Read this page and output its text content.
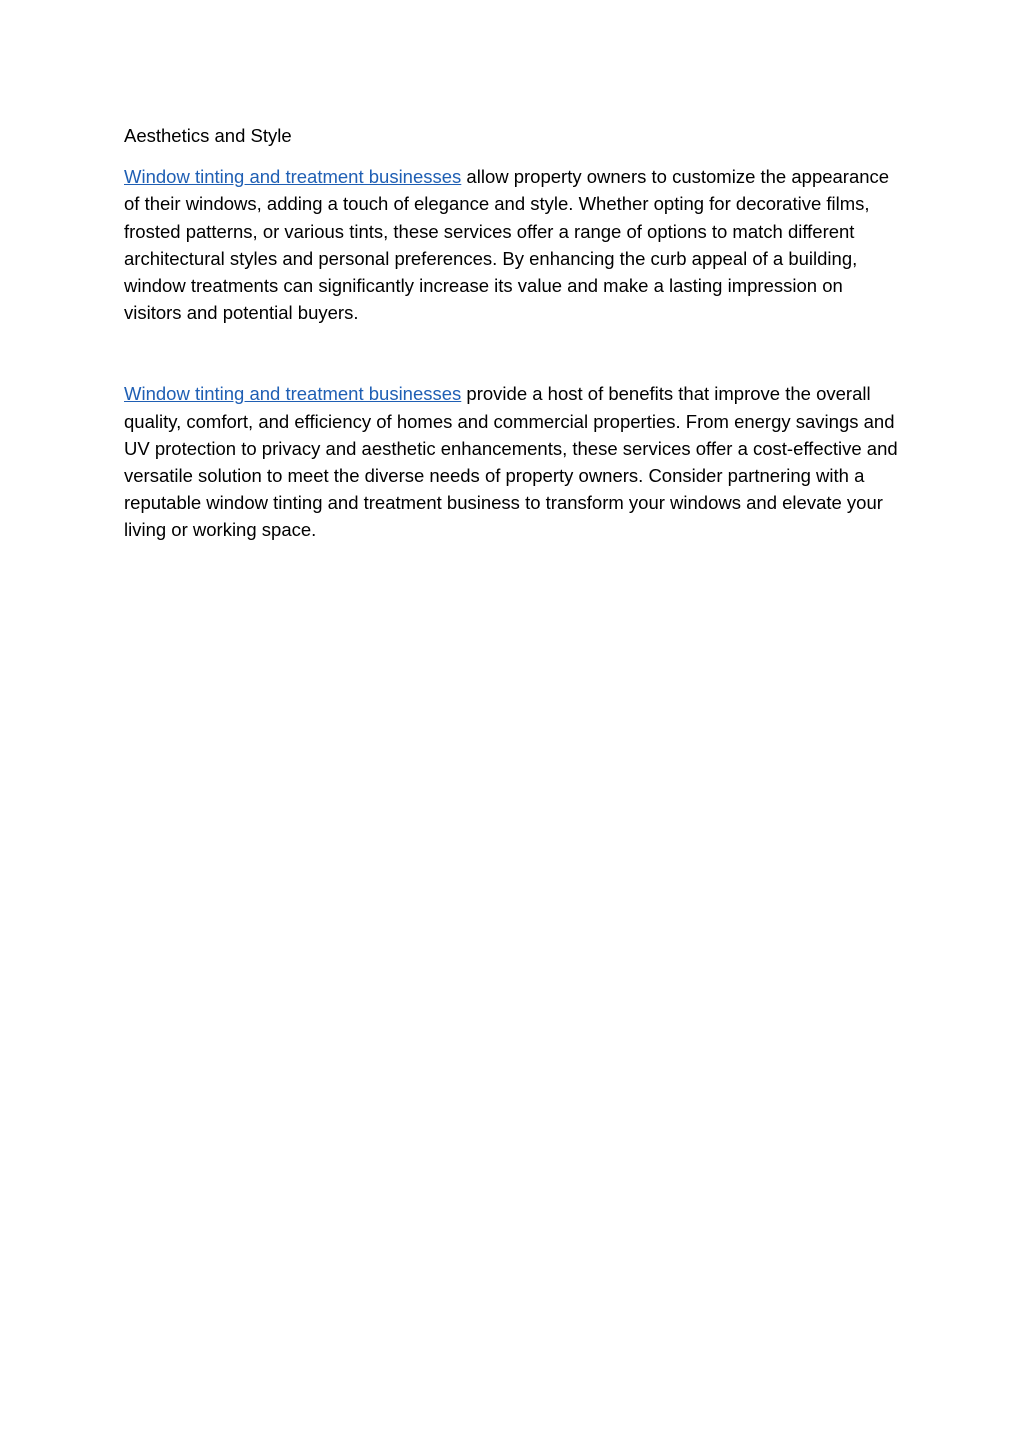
Aesthetics and Style

Window tinting and treatment businesses allow property owners to customize the appearance of their windows, adding a touch of elegance and style. Whether opting for decorative films, frosted patterns, or various tints, these services offer a range of options to match different architectural styles and personal preferences. By enhancing the curb appeal of a building, window treatments can significantly increase its value and make a lasting impression on visitors and potential buyers.

Window tinting and treatment businesses provide a host of benefits that improve the overall quality, comfort, and efficiency of homes and commercial properties. From energy savings and UV protection to privacy and aesthetic enhancements, these services offer a cost-effective and versatile solution to meet the diverse needs of property owners. Consider partnering with a reputable window tinting and treatment business to transform your windows and elevate your living or working space.
